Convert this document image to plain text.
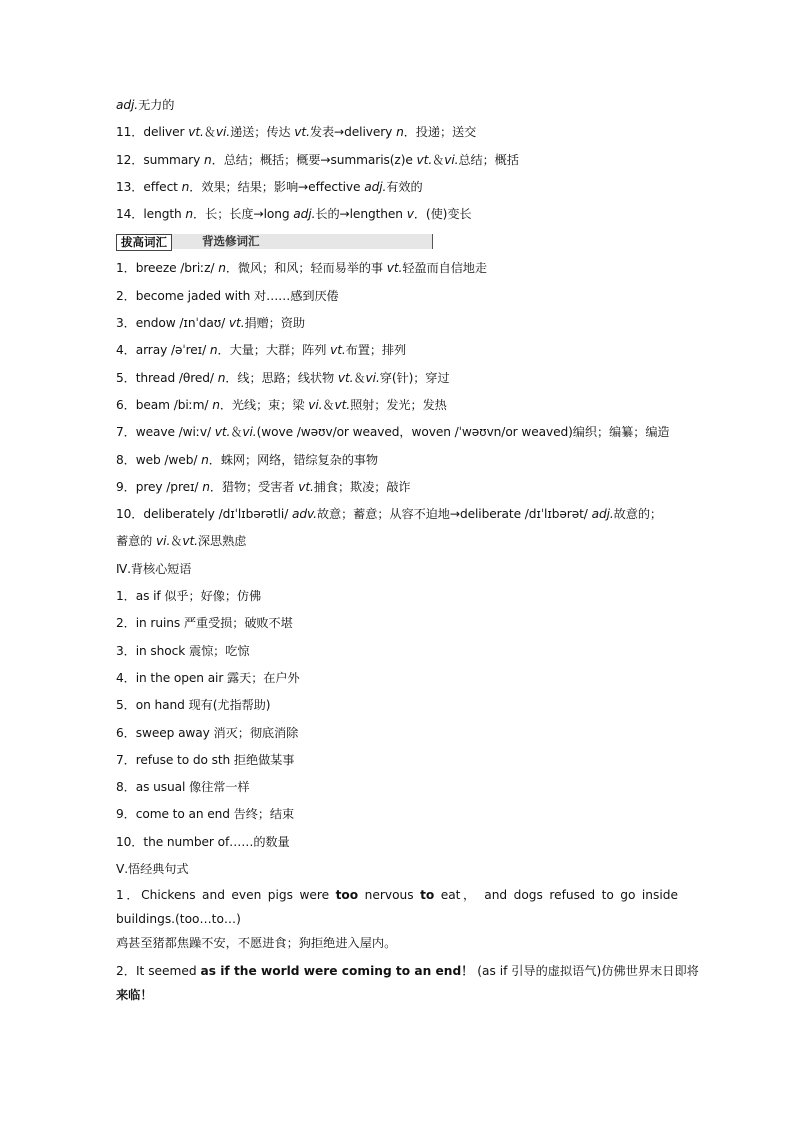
adj.无力的
11．deliver vt.＆vi.递送；传达 vt.发表→delivery n．投递；送交
12．summary n．总结；概括；概要→summaris(z)e vt.＆vi.总结；概括
13．effect n．效果；结果；影响→effective adj.有效的
14．length n．长；长度→long adj.长的→lengthen v．(使)变长
拔高词汇	背选修词汇
1．breeze /briːz/ n．微风；和风；轻而易举的事 vt.轻盈而自信地走
2．become jaded with 对……感到厌倦
3．endow /ɪnˈdaʊ/ vt.捐赠；资助
4．array /əˈreɪ/ n．大量；大群；阵列 vt.布置；排列
5．thread /θred/ n．线；思路；线状物 vt.＆vi.穿(针)；穿过
6．beam /biːm/ n．光线；束；梁 vi.＆vt.照射；发光；发热
7．weave /wiːv/ vt.＆vi.(wove /wəʊv/or weaved，woven /ˈwəʊvn/or weaved)编织；编纂；编造
8．web /web/ n．蛛网；网络，错综复杂的事物
9．prey /preɪ/ n．猎物；受害者 vt.捕食；欺凌；敲诈
10．deliberately /dɪˈlɪbərətli/ adv.故意；蓄意；从容不迫地→deliberate /dɪˈlɪbərət/ adj.故意的；
蓄意的 vi.＆vt.深思熟虑
Ⅳ.背核心短语
1．as if 似乎；好像；仿佛
2．in ruins 严重受损；破败不堪
3．in shock 震惊；吃惊
4．in the open air 露天；在户外
5．on hand 现有(尤指帮助)
6．sweep away 消灭；彻底消除
7．refuse to do sth 拒绝做某事
8．as usual 像往常一样
9．come to an end 告终；结束
10．the number of……的数量
Ⅴ.悟经典句式
1．Chickens and even pigs were too nervous to eat， and dogs refused to go inside
buildings.(too…to…)
鸡甚至猪都焦躁不安，不愿进食；狗拒绝进入屋内。
2．It seemed as if the world were coming to an end！ (as if 引导的虚拟语气)仿佛世界末日即将
来临！
